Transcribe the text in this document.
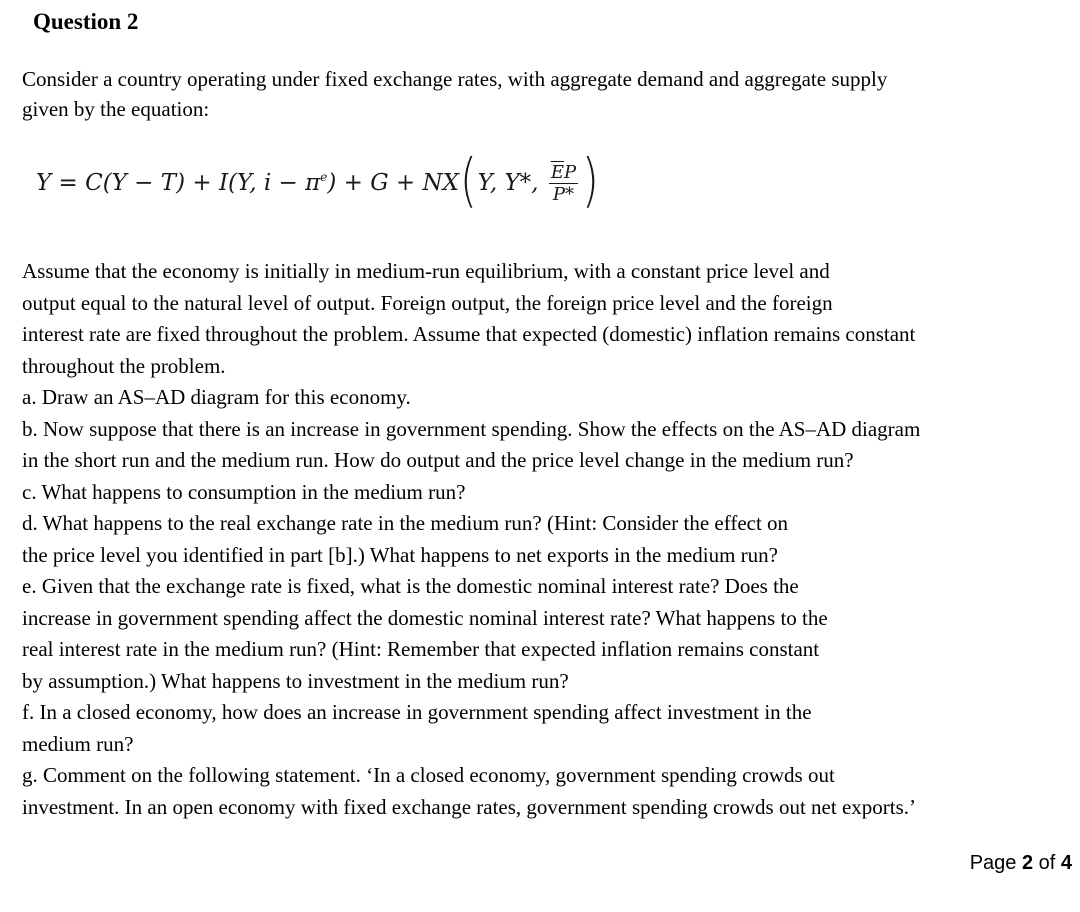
Question 2
Consider a country operating under fixed exchange rates, with aggregate demand and aggregate supply
given by the equation:
Y = C(Y − T) + I(Y, $i - \pi^e) + G$ + NX ( Y, Y*, $\frac{\overline{E}P}{P*}$ )
Assume that the economy is initially in medium-run equilibrium, with a constant price level and
output equal to the natural level of output. Foreign output, the foreign price level and the foreign
interest rate are fixed throughout the problem. Assume that expected (domestic) inflation remains constant
throughout the problem.
a. Draw an AS–AD diagram for this economy.
b. Now suppose that there is an increase in government spending. Show the effects on the AS–AD diagram
in the short run and the medium run. How do output and the price level change in the medium run?
c. What happens to consumption in the medium run?
d. What happens to the real exchange rate in the medium run? (Hint: Consider the effect on
the price level you identified in part [b].) What happens to net exports in the medium run?
e. Given that the exchange rate is fixed, what is the domestic nominal interest rate? Does the
increase in government spending affect the domestic nominal interest rate? What happens to the
real interest rate in the medium run? (Hint: Remember that expected inflation remains constant
by assumption.) What happens to investment in the medium run?
f. In a closed economy, how does an increase in government spending affect investment in the
medium run?
g. Comment on the following statement. ‘In a closed economy, government spending crowds out
investment. In an open economy with fixed exchange rates, government spending crowds out net exports.’
Page 2 of 4
